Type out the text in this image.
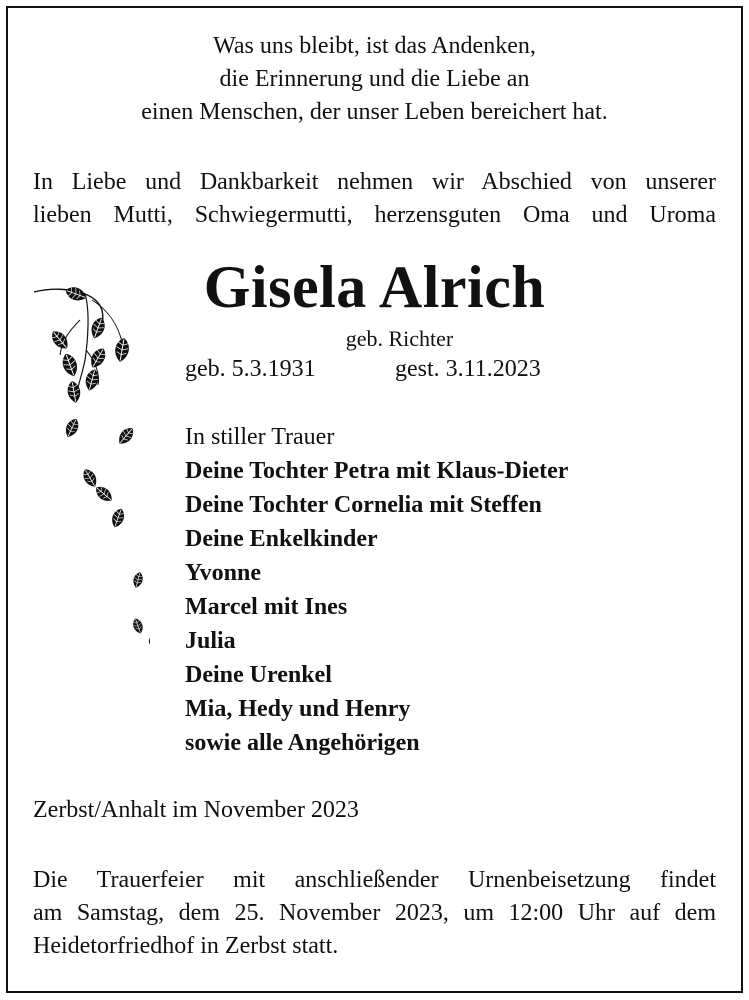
Was uns bleibt, ist das Andenken,
die Erinnerung und die Liebe an
einen Menschen, der unser Leben bereichert hat.
In Liebe und Dankbarkeit nehmen wir Abschied von unserer
lieben Mutti, Schwiegermutti, herzensguten Oma und Uroma
Gisela Alrich
geb. Richter
geb. 5.3.1931	gest. 3.11.2023
In stiller Trauer
Deine Tochter Petra mit Klaus-Dieter
Deine Tochter Cornelia mit Steffen
Deine Enkelkinder
Yvonne
Marcel mit Ines
Julia
Deine Urenkel
Mia, Hedy und Henry
sowie alle Angehörigen
Zerbst/Anhalt im November 2023
Die Trauerfeier mit anschließender Urnenbeisetzung findet
am Samstag, dem 25. November 2023, um 12:00 Uhr auf dem
Heidetorfriedhof in Zerbst statt.
